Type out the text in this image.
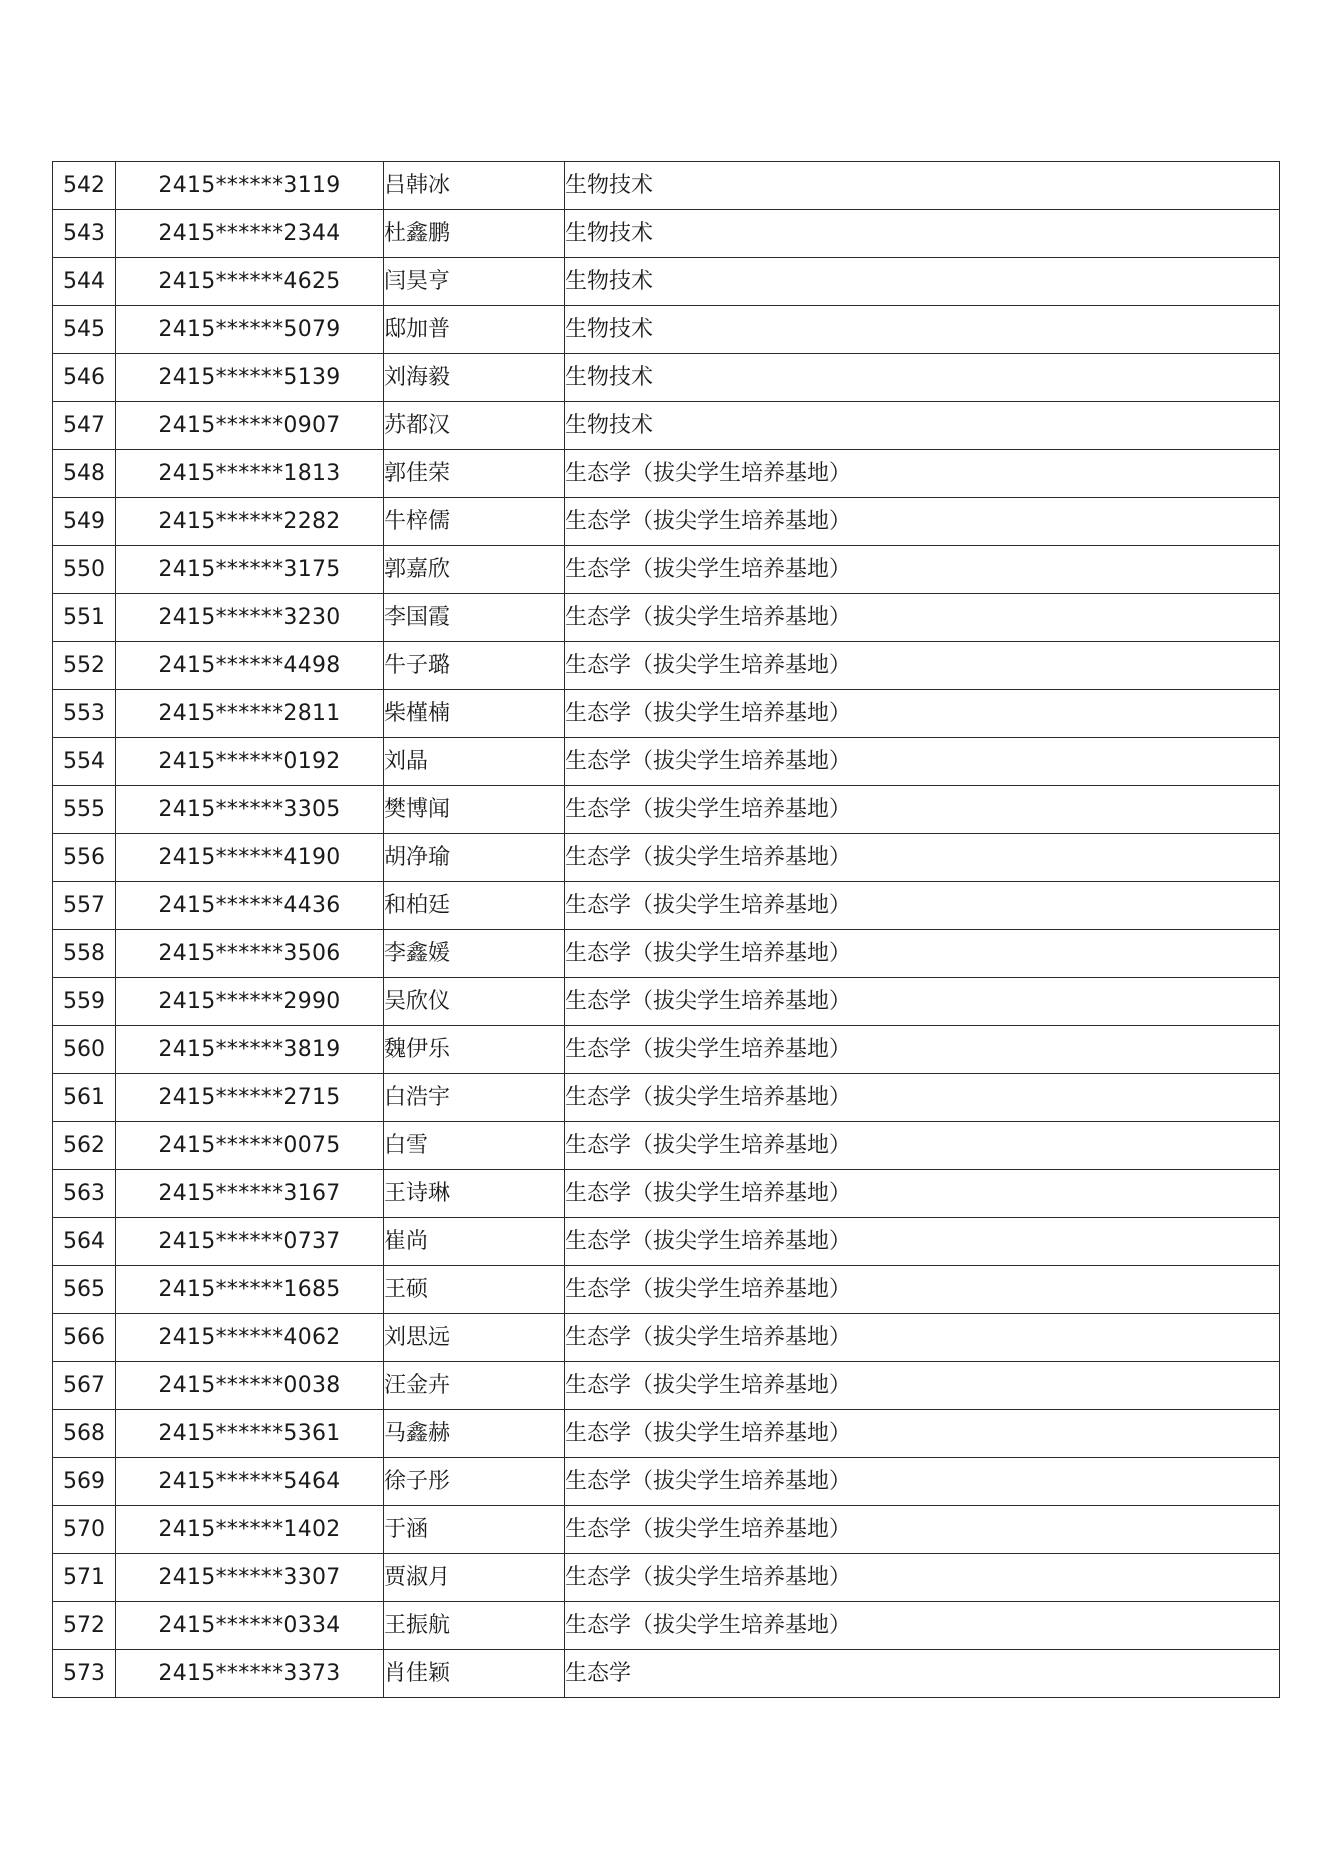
542	2415******3119	吕韩冰	生物技术
543	2415******2344	杜鑫鹏	生物技术
544	2415******4625	闫昊亨	生物技术
545	2415******5079	邸加普	生物技术
546	2415******5139	刘海毅	生物技术
547	2415******0907	苏都汉	生物技术
548	2415******1813	郭佳荣	生态学（拔尖学生培养基地）
549	2415******2282	牛梓儒	生态学（拔尖学生培养基地）
550	2415******3175	郭嘉欣	生态学（拔尖学生培养基地）
551	2415******3230	李国霞	生态学（拔尖学生培养基地）
552	2415******4498	牛子璐	生态学（拔尖学生培养基地）
553	2415******2811	柴槿楠	生态学（拔尖学生培养基地）
554	2415******0192	刘晶	生态学（拔尖学生培养基地）
555	2415******3305	樊博闻	生态学（拔尖学生培养基地）
556	2415******4190	胡净瑜	生态学（拔尖学生培养基地）
557	2415******4436	和柏廷	生态学（拔尖学生培养基地）
558	2415******3506	李鑫媛	生态学（拔尖学生培养基地）
559	2415******2990	吴欣仪	生态学（拔尖学生培养基地）
560	2415******3819	魏伊乐	生态学（拔尖学生培养基地）
561	2415******2715	白浩宇	生态学（拔尖学生培养基地）
562	2415******0075	白雪	生态学（拔尖学生培养基地）
563	2415******3167	王诗琳	生态学（拔尖学生培养基地）
564	2415******0737	崔尚	生态学（拔尖学生培养基地）
565	2415******1685	王硕	生态学（拔尖学生培养基地）
566	2415******4062	刘思远	生态学（拔尖学生培养基地）
567	2415******0038	汪金卉	生态学（拔尖学生培养基地）
568	2415******5361	马鑫赫	生态学（拔尖学生培养基地）
569	2415******5464	徐子彤	生态学（拔尖学生培养基地）
570	2415******1402	于涵	生态学（拔尖学生培养基地）
571	2415******3307	贾淑月	生态学（拔尖学生培养基地）
572	2415******0334	王振航	生态学（拔尖学生培养基地）
573	2415******3373	肖佳颖	生态学
